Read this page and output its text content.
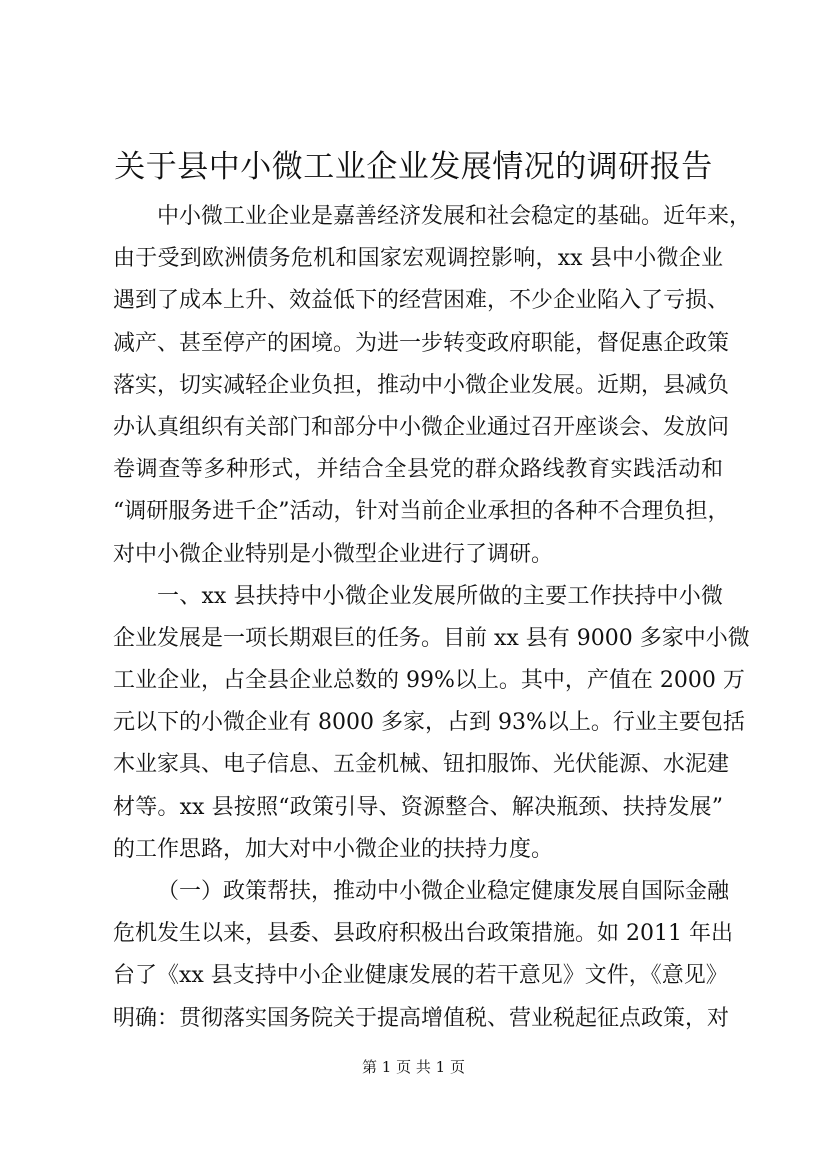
关于县中小微工业企业发展情况的调研报告
中小微工业企业是嘉善经济发展和社会稳定的基础。近年来，
由于受到欧洲债务危机和国家宏观调控影响，xx 县中小微企业
遇到了成本上升、效益低下的经营困难，不少企业陷入了亏损、
减产、甚至停产的困境。为进一步转变政府职能，督促惠企政策
落实，切实减轻企业负担，推动中小微企业发展。近期，县减负
办认真组织有关部门和部分中小微企业通过召开座谈会、发放问
卷调查等多种形式，并结合全县党的群众路线教育实践活动和
“调研服务进千企”活动，针对当前企业承担的各种不合理负担，
对中小微企业特别是小微型企业进行了调研。
一、xx 县扶持中小微企业发展所做的主要工作扶持中小微
企业发展是一项长期艰巨的任务。目前 xx 县有 9000 多家中小微
工业企业，占全县企业总数的 99%以上。其中，产值在 2000 万
元以下的小微企业有 8000 多家，占到 93%以上。行业主要包括
木业家具、电子信息、五金机械、钮扣服饰、光伏能源、水泥建
材等。xx 县按照“政策引导、资源整合、解决瓶颈、扶持发展”
的工作思路，加大对中小微企业的扶持力度。
（一）政策帮扶，推动中小微企业稳定健康发展自国际金融
危机发生以来，县委、县政府积极出台政策措施。如 2011 年出
台了《xx 县支持中小企业健康发展的若干意见》文件，《意见》
明确：贯彻落实国务院关于提高增值税、营业税起征点政策，对
第 1 页 共 1 页
